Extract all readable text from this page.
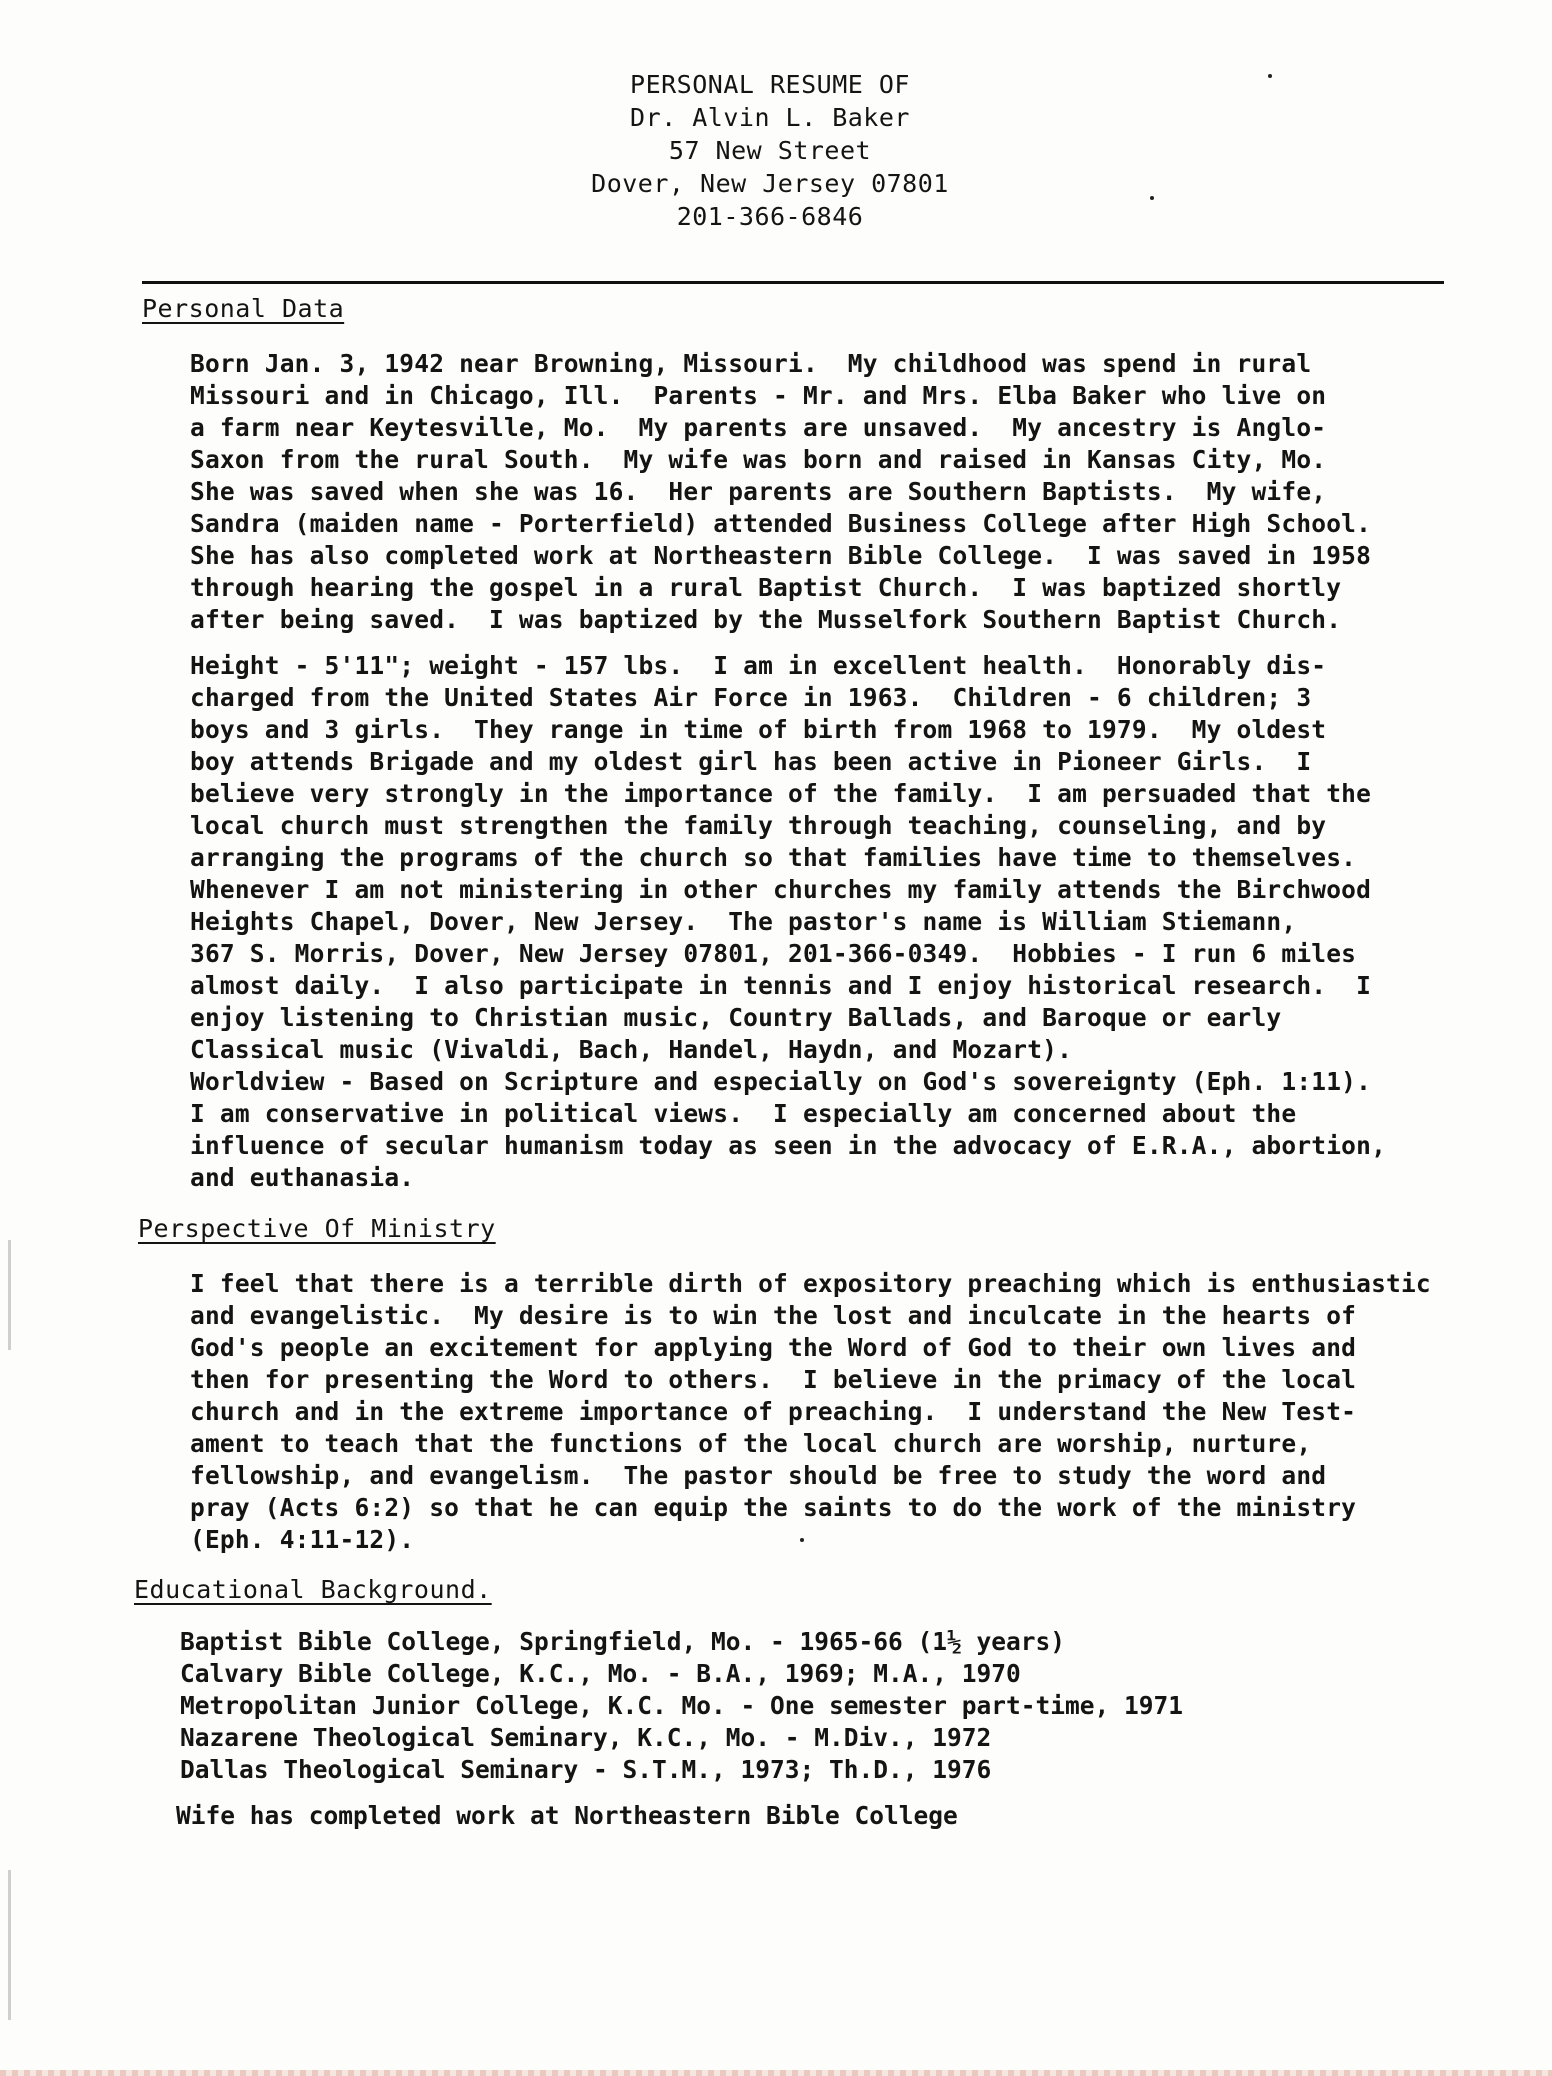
PERSONAL RESUME OF
Dr. Alvin L. Baker
57 New Street
Dover, New Jersey 07801
201-366-6846
Personal Data

Born Jan. 3, 1942 near Browning, Missouri.  My childhood was spend in rural

Missouri and in Chicago, Ill.  Parents - Mr. and Mrs. Elba Baker who live on

a farm near Keytesville, Mo.  My parents are unsaved.  My ancestry is Anglo-

Saxon from the rural South.  My wife was born and raised in Kansas City, Mo.

She was saved when she was 16.  Her parents are Southern Baptists.  My wife,

Sandra (maiden name - Porterfield) attended Business College after High School.

She has also completed work at Northeastern Bible College.  I was saved in 1958

through hearing the gospel in a rural Baptist Church.  I was baptized shortly

after being saved.  I was baptized by the Musselfork Southern Baptist Church.

Height - 5'11"; weight - 157 lbs.  I am in excellent health.  Honorably dis-

charged from the United States Air Force in 1963.  Children - 6 children; 3

boys and 3 girls.  They range in time of birth from 1968 to 1979.  My oldest

boy attends Brigade and my oldest girl has been active in Pioneer Girls.  I

believe very strongly in the importance of the family.  I am persuaded that the

local church must strengthen the family through teaching, counseling, and by

arranging the programs of the church so that families have time to themselves.

Whenever I am not ministering in other churches my family attends the Birchwood

Heights Chapel, Dover, New Jersey.  The pastor's name is William Stiemann,

367 S. Morris, Dover, New Jersey 07801, 201-366-0349.  Hobbies - I run 6 miles

almost daily.  I also participate in tennis and I enjoy historical research.  I

enjoy listening to Christian music, Country Ballads, and Baroque or early

Classical music (Vivaldi, Bach, Handel, Haydn, and Mozart).

Worldview - Based on Scripture and especially on God's sovereignty (Eph. 1:11).

I am conservative in political views.  I especially am concerned about the

influence of secular humanism today as seen in the advocacy of E.R.A., abortion,

and euthanasia.

Perspective Of Ministry

I feel that there is a terrible dirth of expository preaching which is enthusiastic

and evangelistic.  My desire is to win the lost and inculcate in the hearts of

God's people an excitement for applying the Word of God to their own lives and

then for presenting the Word to others.  I believe in the primacy of the local

church and in the extreme importance of preaching.  I understand the New Test-

ament to teach that the functions of the local church are worship, nurture,

fellowship, and evangelism.  The pastor should be free to study the word and

pray (Acts 6:2) so that he can equip the saints to do the work of the ministry

(Eph. 4:11-12).

Educational Background.

Baptist Bible College, Springfield, Mo. - 1965-66 (1½ years)

Calvary Bible College, K.C., Mo. - B.A., 1969; M.A., 1970

Metropolitan Junior College, K.C. Mo. - One semester part-time, 1971

Nazarene Theological Seminary, K.C., Mo. - M.Div., 1972

Dallas Theological Seminary - S.T.M., 1973; Th.D., 1976

Wife has completed work at Northeastern Bible College
